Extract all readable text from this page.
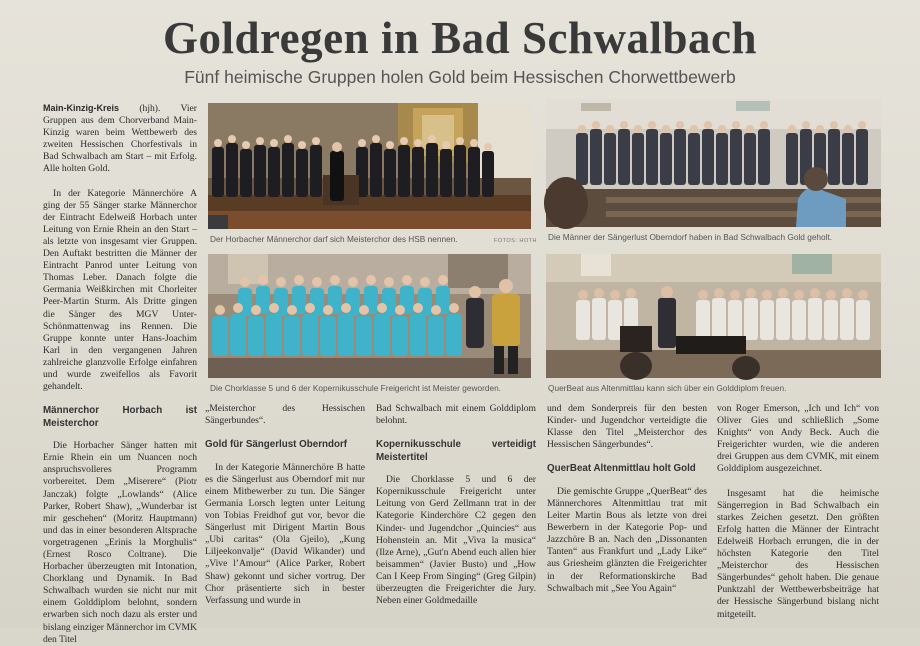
Goldregen in Bad Schwalbach
Fünf heimische Gruppen holen Gold beim Hessischen Chorwettbewerb
Der Horbacher Männerchor darf sich Meisterchor des HSB nennen.	FOTOS: HOTH Die Männer der Sängerlust Oberndorf haben in Bad Schwalbach Gold geholt.
Die Chorklasse 5 und 6 der Kopernikusschule Freigericht ist Meister geworden.	QuerBeat aus Altenmittlau kann sich über ein Golddiplom freuen.

Main-Kinzig-Kreis (hjh). Vier Gruppen aus dem Chorverband Main-Kinzig waren beim Wettbewerb des zweiten Hessischen Chorfestivals in Bad Schwalbach am Start – mit Erfolg. Alle holten Gold.

In der Kategorie Männerchöre A ging der 55 Sänger starke Männerchor der Eintracht Edelweiß Horbach unter Leitung von Ernie Rhein an den Start – als letzte von insgesamt vier Gruppen. Den Auftakt bestritten die Männer der Eintracht Panrod unter Leitung von Thomas Leber. Danach folgte die Germania Weißkirchen mit Chorleiter Peer-Martin Sturm. Als Dritte gingen die Sänger des MGV Unter-Schönmattenwag ins Rennen. Die Gruppe konnte unter Hans-Joachim Karl in den vergangenen Jahren zahlreiche glanzvolle Erfolge einfahren und wurde zweifellos als Favorit gehandelt.

Männerchor Horbach ist Meisterchor

Die Horbacher Sänger hatten mit Ernie Rhein ein um Nuancen noch anspruchsvolleres Programm vorbereitet. Dem „Miserere“ (Piotr Janczak) folgte „Lowlands“ (Alice Parker, Robert Shaw), „Wunderbar ist mir geschehen“ (Moritz Hauptmann) und das in einer besonderen Altsprache vorgetragenen „Erinis la Morghulis“ (Ernest Rosco Coltrane). Die Horbacher überzeugten mit Intonation, Chorklang und Dynamik. In Bad Schwalbach wurden sie nicht nur mit einem Golddiplom belohnt, sondern erwarben sich noch dazu als erster und bislang einziger Männerchor im CVMK den Titel

„Meisterchor des Hessischen Sängerbundes“.

Gold für Sängerlust Oberndorf

In der Kategorie Männerchöre B hatte es die Sängerlust aus Oberndorf mit nur einem Mitbewerber zu tun. Die Sänger Germania Lorsch legten unter Leitung von Tobias Freidhof gut vor, bevor die Sängerlust mit Dirigent Martin Bous „Ubi caritas“ (Ola Gjeilo), „Kung Liljeekonvalje“ (David Wikander) und „Vive l’Amour“ (Alice Parker, Robert Shaw) gekonnt und sicher vortrug. Der Chor präsentierte sich in bester Verfassung und wurde in

Bad Schwalbach mit einem Golddiplom belohnt.

Kopernikusschule verteidigt Meistertitel

Die Chorklasse 5 und 6 der Kopernikusschule Freigericht unter Leitung von Gerd Zellmann trat in der Kategorie Kinderchöre C2 gegen den Kinder- und Jugendchor „Quincies“ aus Hohenstein an. Mit „Viva la musica“ (Ilze Arne), „Gut'n Abend euch allen hier beisammen“ (Javier Busto) und „How Can I Keep From Singing“ (Greg Gilpin) überzeugten die Freigerichter die Jury. Neben einer Goldmedaille

und dem Sonderpreis für den besten Kinder- und Jugendchor verteidigte die Klasse den Titel „Meisterchor des Hessischen Sängerbundes“.

QuerBeat Altenmittlau holt Gold

Die gemischte Gruppe „QuerBeat“ des Männerchores Altenmittlau trat mit Leiter Martin Bous als letzte von drei Bewerbern in der Kategorie Pop- und Jazzchöre B an. Nach den „Dissonanten Tanten“ aus Frankfurt und „Lady Like“ aus Griesheim glänzten die Freigerichter in der Reformationskirche Bad Schwalbach mit „See You Again“

von Roger Emerson, „Ich und Ich“ von Oliver Gies und schließlich „Some Knights“ von Andy Beck. Auch die Freigerichter wurden, wie die anderen drei Gruppen aus dem CVMK, mit einem Golddiplom ausgezeichnet.

Insgesamt hat die heimische Sängerregion in Bad Schwalbach ein starkes Zeichen gesetzt. Den größten Erfolg hatten die Männer der Eintracht Edelweiß Horbach errungen, die in der höchsten Kategorie den Titel „Meisterchor des Hessischen Sängerbundes“ geholt haben. Die genaue Punktzahl der Wettbewerbsbeiträge hat der Hessische Sängerbund bislang nicht mitgeteilt.
